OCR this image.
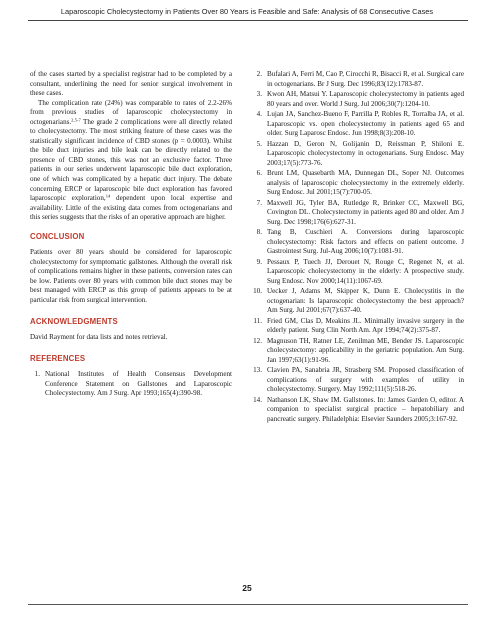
Laparoscopic Cholecystectomy in Patients Over 80 Years is Feasible and Safe: Analysis of 68 Consecutive Cases

of the cases started by a specialist registrar had to be completed by a consultant, underlining the need for senior surgical involvement in these cases.

The complication rate (24%) was comparable to rates of 2.2-26% from previous studies of laparoscopic cholecystectomy in octogenarians.$^{2,5-7}$ The grade 2 complications were all directly related to cholecystectomy. The most striking feature of these cases was the statistically significant incidence of CBD stones (p = 0.0003). Whilst the bile duct injuries and bile leak can be directly related to the presence of CBD stones, this was not an exclusive factor. Three patients in our series underwent laparoscopic bile duct exploration, one of which was complicated by a hepatic duct injury. The debate concerning ERCP or laparoscopic bile duct exploration has favored laparoscopic exploration,$^{14}$ dependent upon local expertise and availability. Little of the existing data comes from octogenarians and this series suggests that the risks of an operative approach are higher.

CONCLUSION

Patients over 80 years should be considered for laparoscopic cholecystectomy for symptomatic gallstones. Although the overall risk of complications remains higher in these patients, conversion rates can be low. Patients over 80 years with common bile duct stones may be best managed with ERCP as this group of patients appears to be at particular risk from surgical intervention.

ACKNOWLEDGMENTS

David Rayment for data lists and notes retrieval.

REFERENCES
1. National Institutes of Health Consensus Development Conference Statement on Gallstones and Laparoscopic Cholecystectomy. Am J Surg. Apr 1993;165(4):390-98.
2. Bufalari A, Ferri M, Cao P, Cirocchi R, Bisacci R, et al. Surgical care in octogenarians. Br J Surg. Dec 1996;83(12):1783-87.
3. Kwon AH, Matsui Y. Laparoscopic cholecystectomy in patients aged 80 years and over. World J Surg. Jul 2006;30(7):1204-10.
4. Lujan JA, Sanchez-Bueno F, Parrilla P, Robles R, Torralba JA, et al. Laparoscopic vs. open cholecystectomy in patients aged 65 and older. Surg Laparosc Endosc. Jun 1998;8(3):208-10.
5. Hazzan D, Geron N, Golijanin D, Reissman P, Shiloni E. Laparoscopic cholecystectomy in octogenarians. Surg Endosc. May 2003;17(5):773-76.
6. Brunt LM, Quasebarth MA, Dunnegan DL, Soper NJ. Outcomes analysis of laparoscopic cholecystectomy in the extremely elderly. Surg Endosc. Jul 2001;15(7):700-05.
7. Maxwell JG, Tyler BA, Rutledge R, Brinker CC, Maxwell BG, Covington DL. Cholecystectomy in patients aged 80 and older. Am J Surg. Dec 1998;176(6):627-31.
8. Tang B, Cuschieri A. Conversions during laparoscopic cholecystectomy: Risk factors and effects on patient outcome. J Gastrointest Surg. Jul-Aug 2006;10(7):1081-91.
9. Pessaux P, Tuech JJ, Derouet N, Rouge C, Regenet N, et al. Laparoscopic cholecystectomy in the elderly: A prospective study. Surg Endosc. Nov 2000;14(11):1067-69.
10. Uecker J, Adams M, Skipper K, Dunn E. Cholecystitis in the octogenarian: Is laparoscopic cholecystectomy the best approach? Am Surg. Jul 2001;67(7):637-40.
11. Fried GM, Clas D, Meakins JL. Minimally invasive surgery in the elderly patient. Surg Clin North Am. Apr 1994;74(2):375-87.
12. Magnuson TH, Ratner LE, Zenilman ME, Bender JS. Laparoscopic cholecystectomy: applicability in the geriatric population. Am Surg. Jan 1997;63(1):91-96.
13. Clavien PA, Sanabria JR, Strasberg SM. Proposed classification of complications of surgery with examples of utility in cholecystectomy. Surgery. May 1992;111(5):518-26.
14. Nathanson LK, Shaw IM. Gallstones. In: James Garden O, editor. A companion to specialist surgical practice – hepatobiliary and pancreatic surgery. Philadelphia: Elsevier Saunders 2005;3:167-92.
25
